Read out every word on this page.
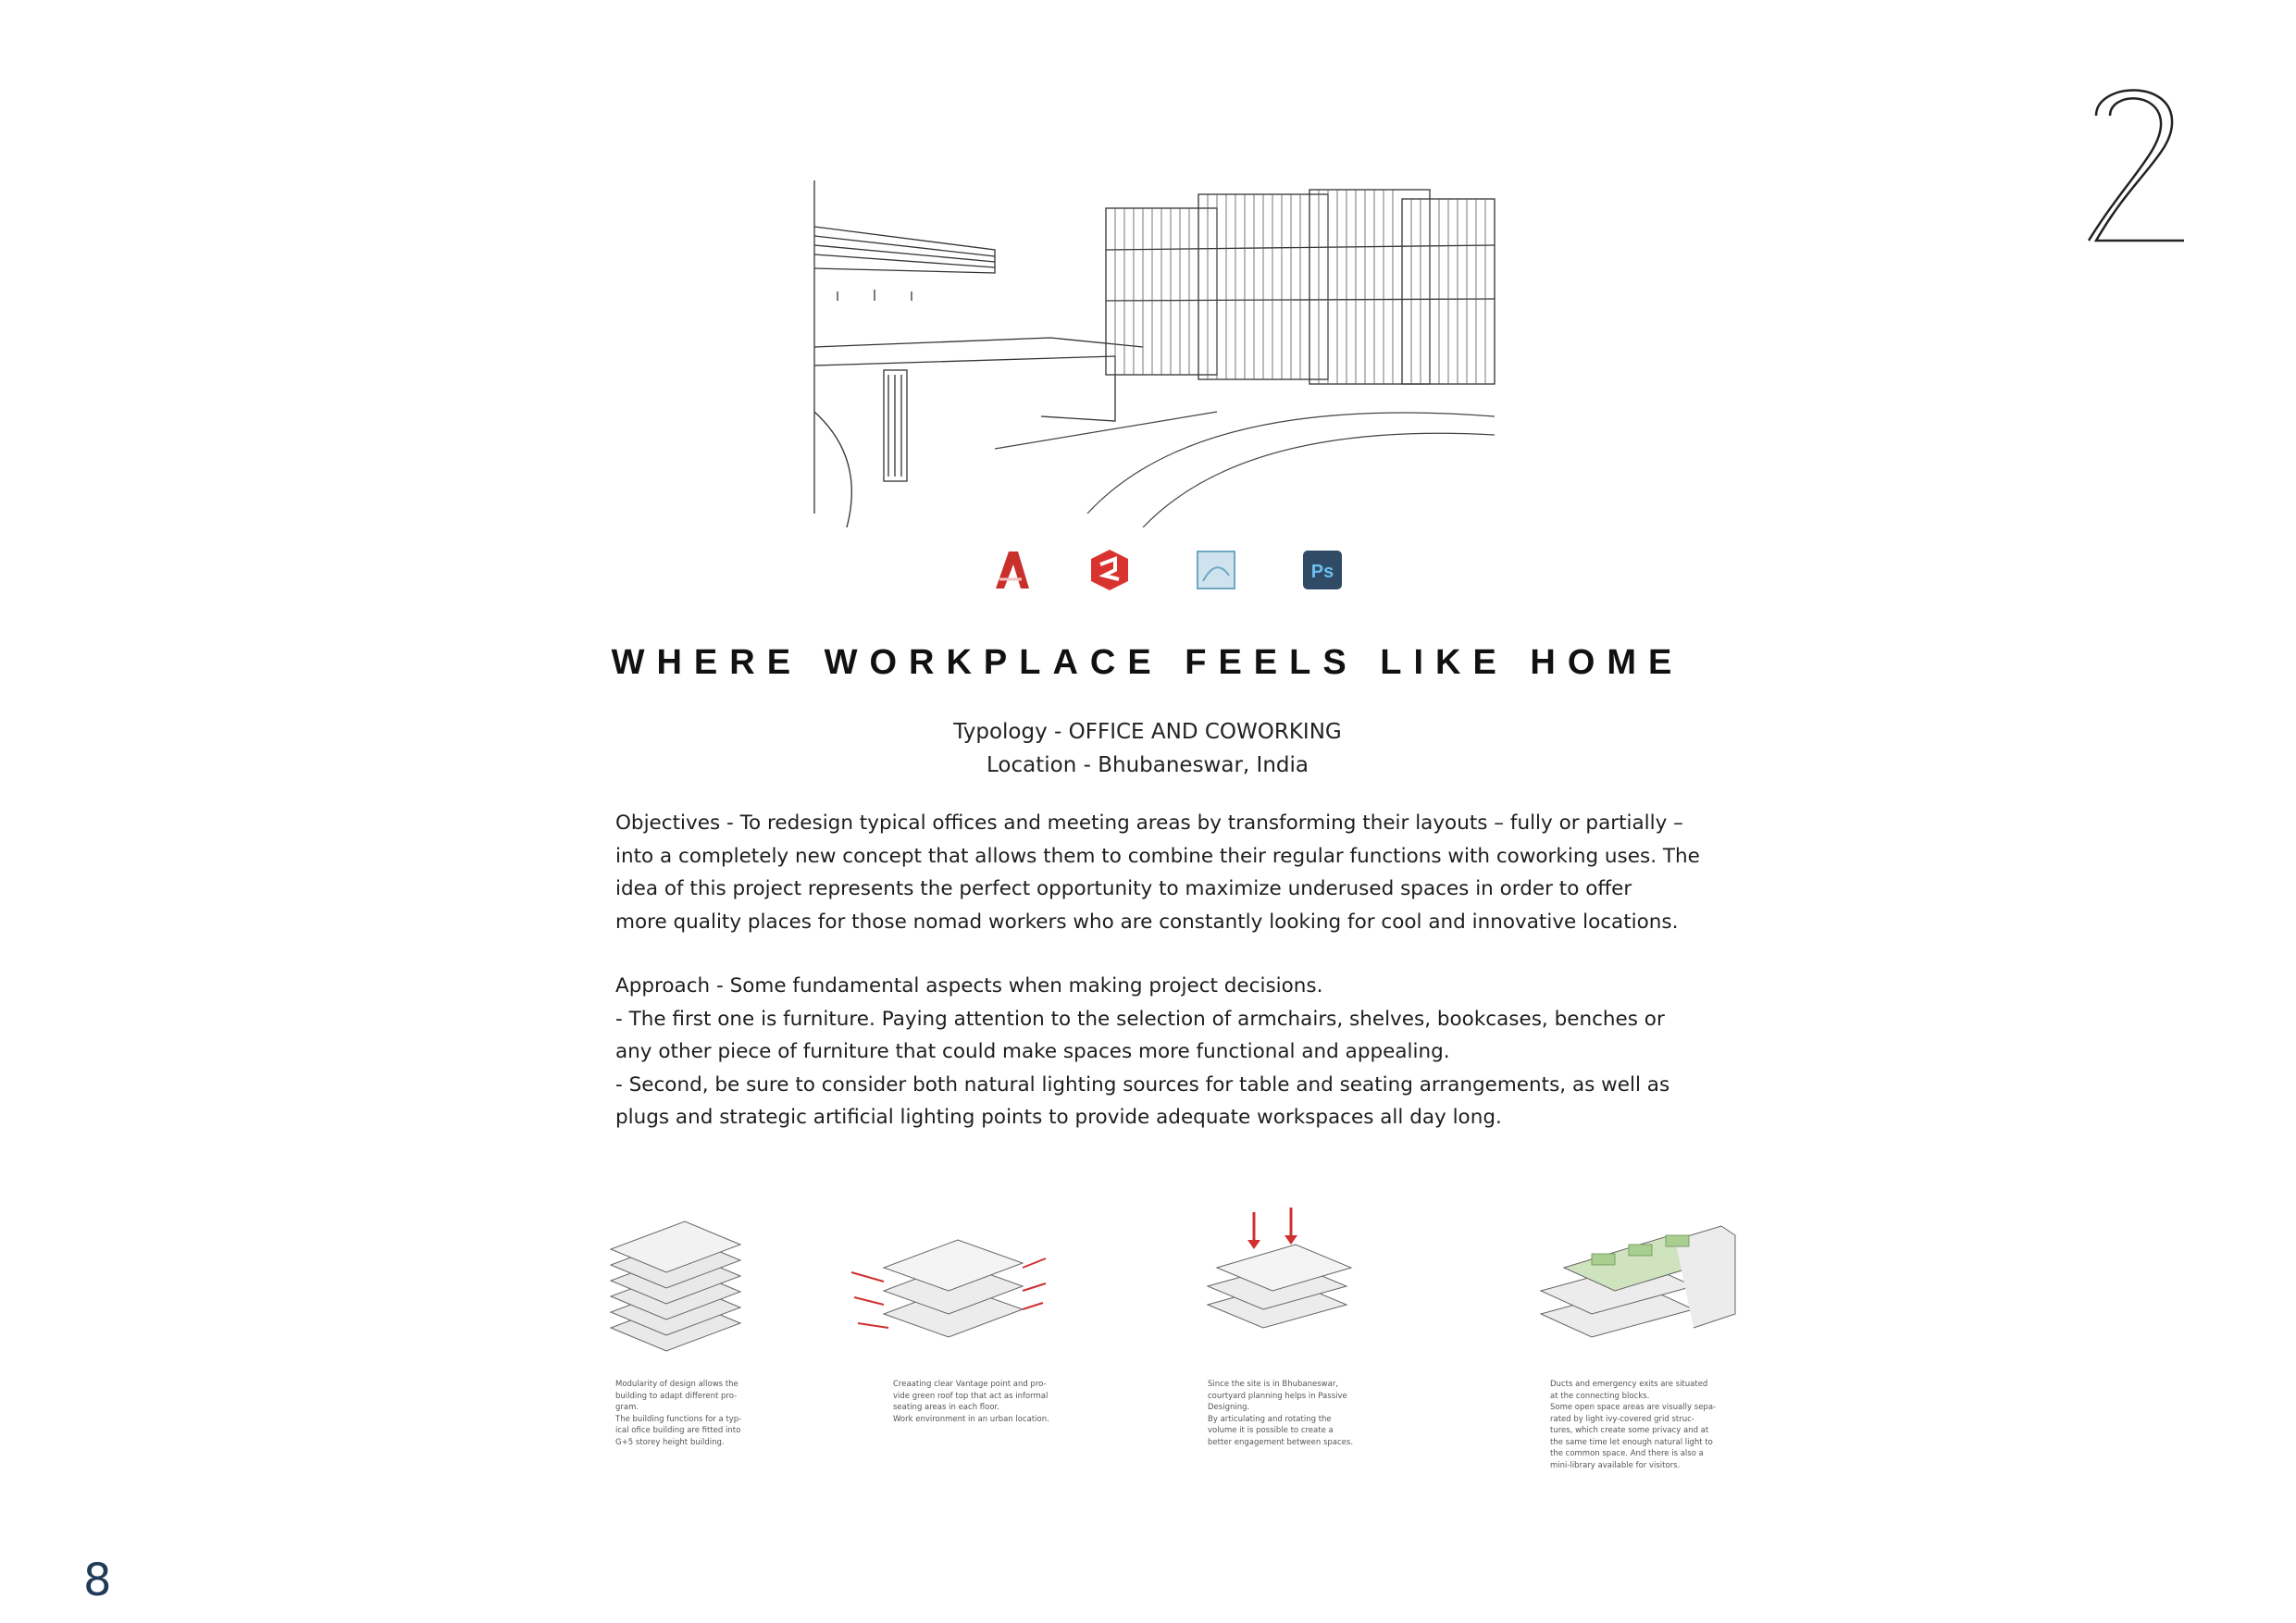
Ps
WHERE WORKPLACE FEELS LIKE HOME
Typology - OFFICE AND COWORKING
Location - Bhubaneswar, India

Objectives - To redesign typical offices and meeting areas by transforming their layouts – fully or partially –

into a completely new concept that allows them to combine their regular functions with coworking uses. The

idea of this project represents the perfect opportunity to maximize underused spaces in order to offer

more quality places for those nomad workers who are constantly looking for cool and innovative locations.

Approach - Some fundamental aspects when making project decisions.

- The first one is furniture. Paying attention to the selection of armchairs, shelves, bookcases, benches or

any other piece of furniture that could make spaces more functional and appealing.

- Second, be sure to consider both natural lighting sources for table and seating arrangements, as well as

plugs and strategic artificial lighting points to provide adequate workspaces all day long.

Modularity of design allows the
building to adapt different pro-
gram.
The building functions for a typ-
ical ofice building are fitted into
G+5 storey height building.
Creaating clear Vantage point and pro-
vide green roof top that act as informal
seating areas in each floor.
Work environment in an urban location.
Since the site is in Bhubaneswar,
courtyard planning helps in Passive
Designing.
By articulating and rotating the
volume it is possible to create a
better engagement between spaces.
Ducts and emergency exits are situated
at the connecting blocks.
Some open space areas are visually sepa-
rated by light ivy-covered grid struc-
tures, which create some privacy and at
the same time let enough natural light to
the common space. And there is also a
mini-library available for visitors.
8
